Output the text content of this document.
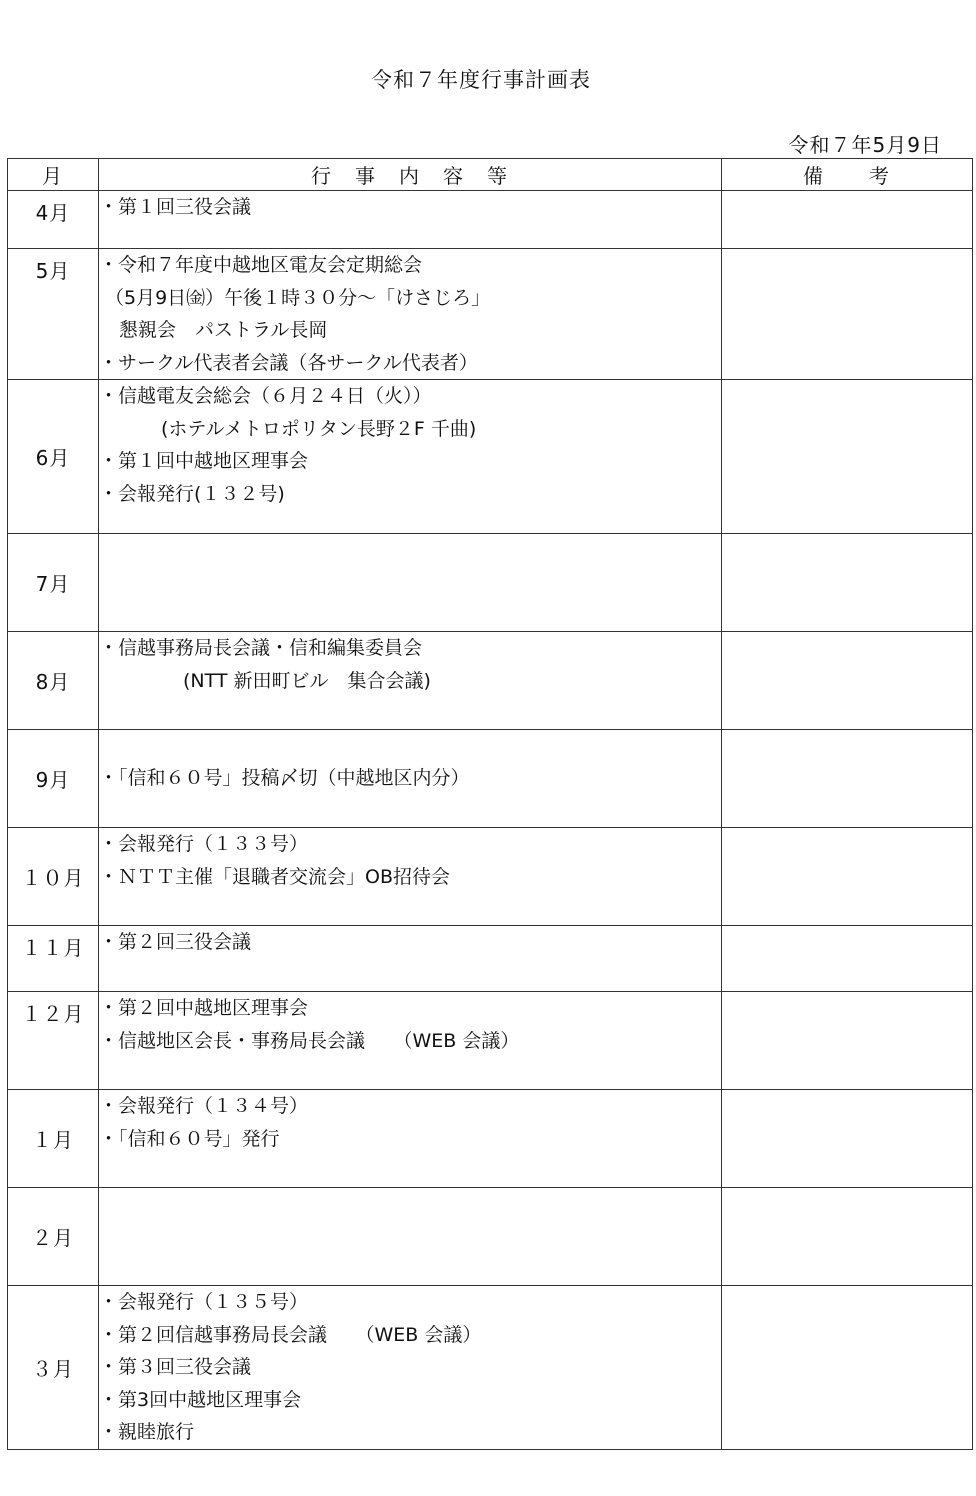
令和７年度行事計画表
令和７年5月9日
月	行　事　内　容　等	備　　考
4月	・第１回三役会議	

5月	・令和７年度中越地区電友会定期総会
（5月9日㈮）午後１時３０分～「けさじろ」
懇親会　パストラル長岡
・サークル代表者会議（各サークル代表者）	

6月	・信越電友会総会（６月２４日（火））
(ホテルメトロポリタン長野２F 千曲)
・第１回中越地区理事会
・会報発行(１３２号)	

7月		
8月	・信越事務局長会議・信和編集委員会
(NTT 新田町ビル　集合会議)	

9月	・「信和６０号」投稿〆切（中越地区内分）	

１０月	・会報発行（１３３号）
・ＮＴＴ主催「退職者交流会」OB招待会	

１１月	・第２回三役会議	

１２月	・第２回中越地区理事会
・信越地区会長・事務局長会議　　（WEB 会議）	

１月	・会報発行（１３４号）
・「信和６０号」発行	

２月		
３月	・会報発行（１３５号）
・第２回信越事務局長会議　　（WEB 会議）
・第３回三役会議
・第3回中越地区理事会
・親睦旅行	
